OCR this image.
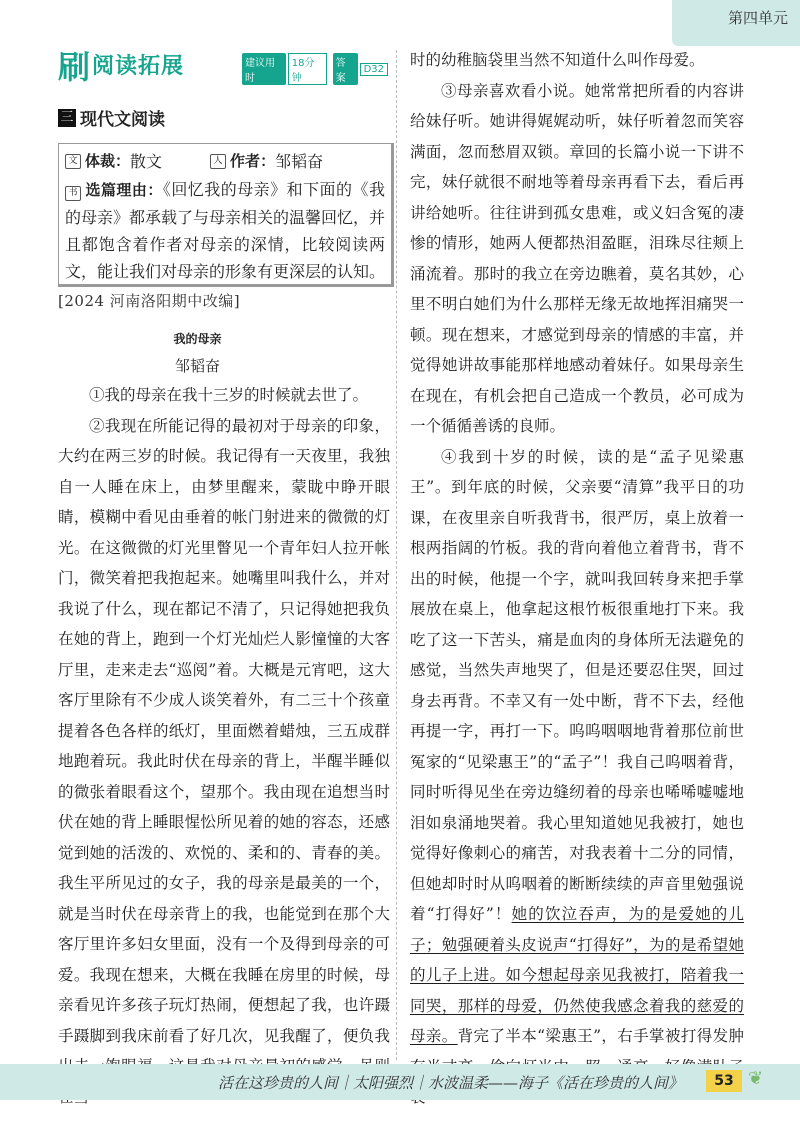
第四单元
刷 阅读拓展	建议用时
18分钟
答案
D32
三 现代文阅读
文 体裁 ： 散文	人 作者 ： 邹韬奋
书 选篇理由：《回忆我的母亲》和下面的《我的母亲》都承载了与母亲相关的温馨回忆，并且都饱含着作者对母亲的深情，比较阅读两文，能让我们对母亲的形象有更深层的认知。
[2024 河南洛阳期中改编]
我的母亲
邹韬奋

①我的母亲在我十三岁的时候就去世了。

②我现在所能记得的最初对于母亲的印象，大约在两三岁的时候。我记得有一天夜里，我独自一人睡在床上，由梦里醒来，蒙眬中睁开眼睛，模糊中看见由垂着的帐门射进来的微微的灯光。在这微微的灯光里瞥见一个青年妇人拉开帐门，微笑着把我抱起来。她嘴里叫我什么，并对我说了什么，现在都记不清了，只记得她把我负在她的背上，跑到一个灯光灿烂人影憧憧的大客厅里，走来走去“巡阅”着。大概是元宵吧，这大客厅里除有不少成人谈笑着外，有二三十个孩童提着各色各样的纸灯，里面燃着蜡烛，三五成群地跑着玩。我此时伏在母亲的背上，半醒半睡似的微张着眼看这个，望那个。我由现在追想当时伏在她的背上睡眼惺忪所见着的她的容态，还感觉到她的活泼的、欢悦的、柔和的、青春的美。我生平所见过的女子，我的母亲是最美的一个，就是当时伏在母亲背上的我，也能觉到在那个大客厅里许多妇女里面，没有一个及得到母亲的可爱。我现在想来，大概在我睡在房里的时候，母亲看见许多孩子玩灯热闹，便想起了我，也许蹑手蹑脚到我床前看了好几次，见我醒了，便负我

时的幼稚脑袋里当然不知道什么叫作母爱。

③母亲喜欢看小说。她常常把所看的内容讲给妹仔听。她讲得娓娓动听，妹仔听着忽而笑容满面，忽而愁眉双锁。章回的长篇小说一下讲不完，妹仔就很不耐地等着母亲再看下去，看后再讲给她听。往往讲到孤女患难，或义妇含冤的凄惨的情形，她两人便都热泪盈眶，泪珠尽往颊上涌流着。那时的我立在旁边瞧着，莫名其妙，心里不明白她们为什么那样无缘无故地挥泪痛哭一顿。现在想来，才感觉到母亲的情感的丰富，并觉得她讲故事能那样地感动着妹仔。如果母亲生在现在，有机会把自己造成一个教员，必可成为一个循循善诱的良师。

④我到十岁的时候，读的是“孟子见梁惠王”。到年底的时候，父亲要“清算”我平日的功课，在夜里亲自听我背书，很严厉，桌上放着一根两指阔的竹板。我的背向着他立着背书，背不出的时候，他提一个字，就叫我回转身来把手掌展放在桌上，他拿起这根竹板很重地打下来。我吃了这一下苦头，痛是血肉的身体所无法避免的感觉，当然失声地哭了，但是还要忍住哭，回过身去再背。不幸又有一处中断，背不下去，经他再提一字，再打一下。呜呜咽咽地背着那位前世冤家的“见梁惠王”的“孟子”！我自己呜咽着背，同时听得见坐在旁边缝纫着的母亲也唏唏嘘嘘地泪如泉涌地哭着。我心里知道她见我被打，她也觉得好像刺心的痛苦，对我表着十二分的同情，但她却时时从呜咽着的断断续续的声音里勉强说着“打得好”！她的饮泣吞声，为的是爱她的儿子；勉强硬着头皮说声“打得好”，为的是希望她的儿子上进。如今想起母亲见我被打，陪着我一同哭，那样的母爱，仍然使我感念着我的慈爱的母亲。背完了半本“梁惠王”，右手掌被打得发肿

活在这珍贵的人间｜太阳强烈｜水波温柔——海子《活在珍贵的人间》	53 ❦
